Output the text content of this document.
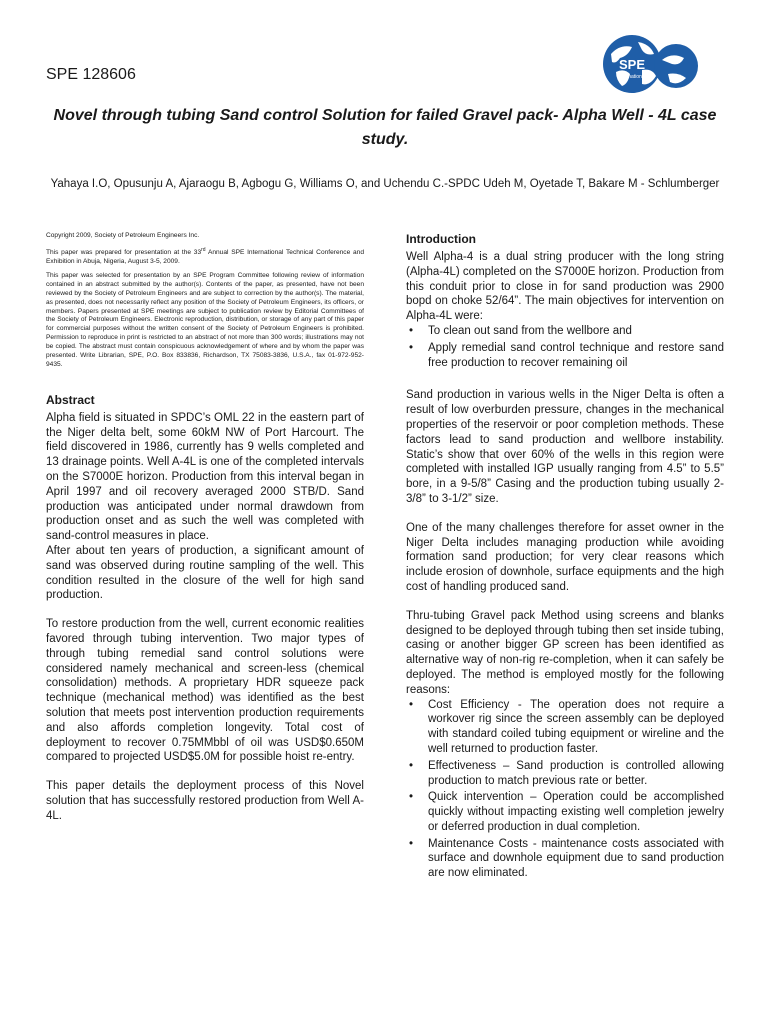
SPE 128606
SPE
International
Novel through tubing Sand control Solution for failed Gravel pack- Alpha Well - 4L case study.
Yahaya I.O, Opusunju A, Ajaraogu B, Agbogu G, Williams O, and Uchendu C.-SPDC Udeh M, Oyetade T, Bakare M - Schlumberger

Copyright 2009, Society of Petroleum Engineers Inc.

This paper was prepared for presentation at the 33rd Annual SPE International Technical Conference and Exhibition in Abuja, Nigeria, August 3-5, 2009.

This paper was selected for presentation by an SPE Program Committee following review of information contained in an abstract submitted by the author(s). Contents of the paper, as presented, have not been reviewed by the Society of Petroleum Engineers and are subject to correction by the author(s). The material, as presented, does not necessarily reflect any position of the Society of Petroleum Engineers, its officers, or members. Papers presented at SPE meetings are subject to publication review by Editorial Committees of the Society of Petroleum Engineers. Electronic reproduction, distribution, or storage of any part of this paper for commercial purposes without the written consent of the Society of Petroleum Engineers is prohibited. Permission to reproduce in print is restricted to an abstract of not more than 300 words; illustrations may not be copied. The abstract must contain conspicuous acknowledgement of where and by whom the paper was presented. Write Librarian, SPE, P.O. Box 833836, Richardson, TX 75083-3836, U.S.A., fax 01-972-952-9435.

Abstract

Alpha field is situated in SPDC’s OML 22 in the eastern part of the Niger delta belt, some 60kM NW of Port Harcourt. The field discovered in 1986, currently has 9 wells completed and 13 drainage points. Well A-4L is one of the completed intervals on the S7000E horizon. Production from this interval began in April 1997 and oil recovery averaged 2000 STB/D. Sand production was anticipated under normal drawdown from production onset and as such the well was completed with sand-control measures in place.

After about ten years of production, a significant amount of sand was observed during routine sampling of the well. This condition resulted in the closure of the well for high sand production.

To restore production from the well, current economic realities favored through tubing intervention. Two major types of through tubing remedial sand control solutions were considered namely mechanical and screen-less (chemical consolidation) methods. A proprietary HDR squeeze pack technique (mechanical method) was identified as the best solution that meets post intervention production requirements and also affords completion longevity. Total cost of deployment to recover 0.75MMbbl of oil was USD$0.650M compared to projected USD$5.0M for possible hoist re-entry.

This paper details the deployment process of this Novel solution that has successfully restored production from Well A-4L.

Introduction

Well Alpha-4 is a dual string producer with the long string (Alpha-4L) completed on the S7000E horizon. Production from this conduit prior to close in for sand production was 2900 bopd on choke 52/64”. The main objectives for intervention on Alpha-4L were:

• To clean out sand from the wellbore and
• Apply remedial sand control technique and restore sand free production to recover remaining oil

Sand production in various wells in the Niger Delta is often a result of low overburden pressure, changes in the mechanical properties of the reservoir or poor completion methods. These factors lead to sand production and wellbore instability. Static’s show that over 60% of the wells in this region were completed with installed IGP usually ranging from 4.5” to 5.5” bore, in a 9-5/8” Casing and the production tubing usually 2-3/8” to 3-1/2” size.

One of the many challenges therefore for asset owner in the Niger Delta includes managing production while avoiding formation sand production; for very clear reasons which include erosion of downhole, surface equipments and the high cost of handling produced sand.

Thru-tubing Gravel pack Method using screens and blanks designed to be deployed through tubing then set inside tubing, casing or another bigger GP screen has been identified as alternative way of non-rig re-completion, when it can safely be deployed. The method is employed mostly for the following reasons:

• Cost Efficiency - The operation does not require a workover rig since the screen assembly can be deployed with standard coiled tubing equipment or wireline and the well returned to production faster.
• Effectiveness – Sand production is controlled allowing production to match previous rate or better.
• Quick intervention – Operation could be accomplished quickly without impacting existing well completion jewelry or deferred production in dual completion.
• Maintenance Costs - maintenance costs associated with surface and downhole equipment due to sand production are now eliminated.
